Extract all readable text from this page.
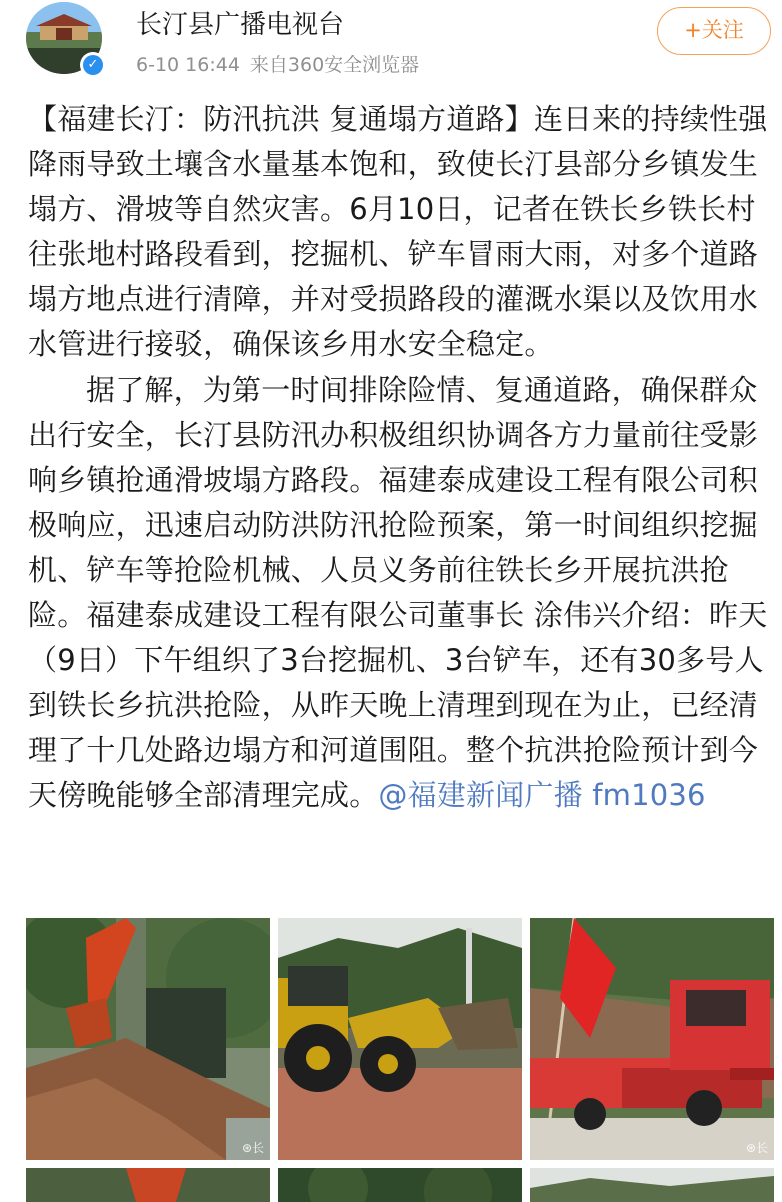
✓
长汀县广播电视台
6-10 16:44 来自360安全浏览器
+关注

【福建长汀：防汛抗洪 复通塌方道路】连日来的持续性强降雨导致土壤含水量基本饱和，致使长汀县部分乡镇发生塌方、滑坡等自然灾害。6月10日，记者在铁长乡铁长村往张地村路段看到，挖掘机、铲车冒雨大雨，对多个道路塌方地点进行清障，并对受损路段的灌溉水渠以及饮用水水管进行接驳，确保该乡用水安全稳定。

据了解，为第一时间排除险情、复通道路，确保群众出行安全，长汀县防汛办积极组织协调各方力量前往受影响乡镇抢通滑坡塌方路段。福建泰成建设工程有限公司积极响应，迅速启动防洪防汛抢险预案，第一时间组织挖掘机、铲车等抢险机械、人员义务前往铁长乡开展抗洪抢险。福建泰成建设工程有限公司董事长 涂伟兴介绍：昨天（9日）下午组织了3台挖掘机、3台铲车，还有30多号人到铁长乡抗洪抢险，从昨天晚上清理到现在为止，已经清理了十几处路边塌方和河道围阻。整个抗洪抢险预计到今天傍晚能够全部清理完成。@福建新闻广播 fm1036

⊛长	⊛长
